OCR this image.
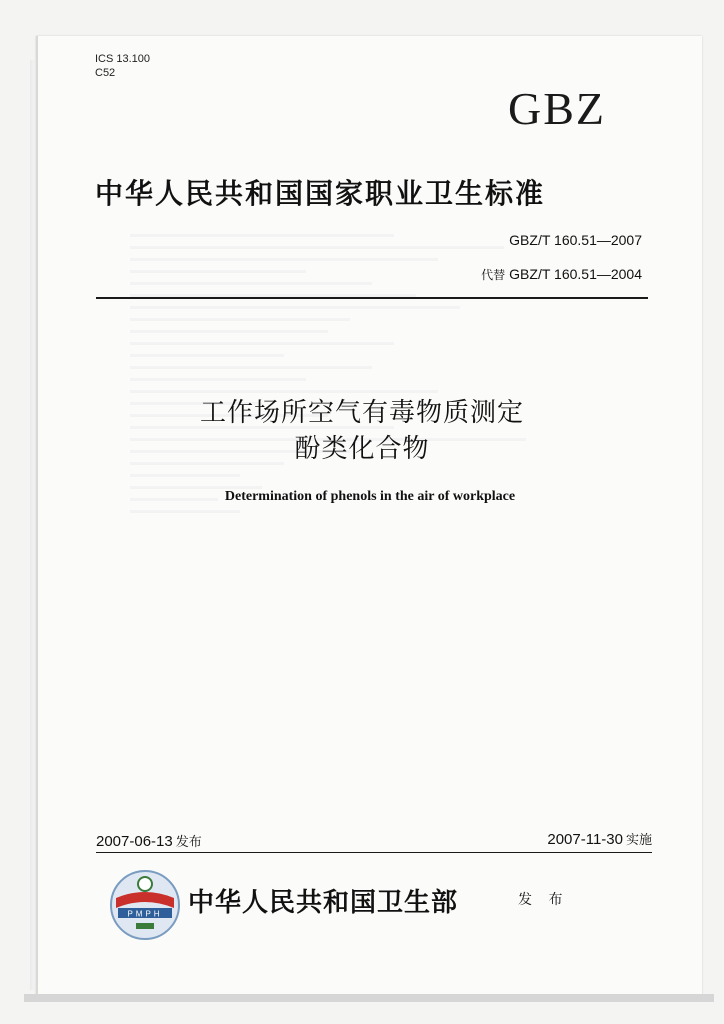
ICS 13.100
C52
GBZ
中华人民共和国国家职业卫生标准
GBZ/T 160.51—2007
代替 GBZ/T 160.51—2004
工作场所空气有毒物质测定
酚类化合物
Determination of phenols in the air of workplace
2007-06-13 发布	2007-11-30 实施
PMPH 中华人民共和国卫生部	发 布
